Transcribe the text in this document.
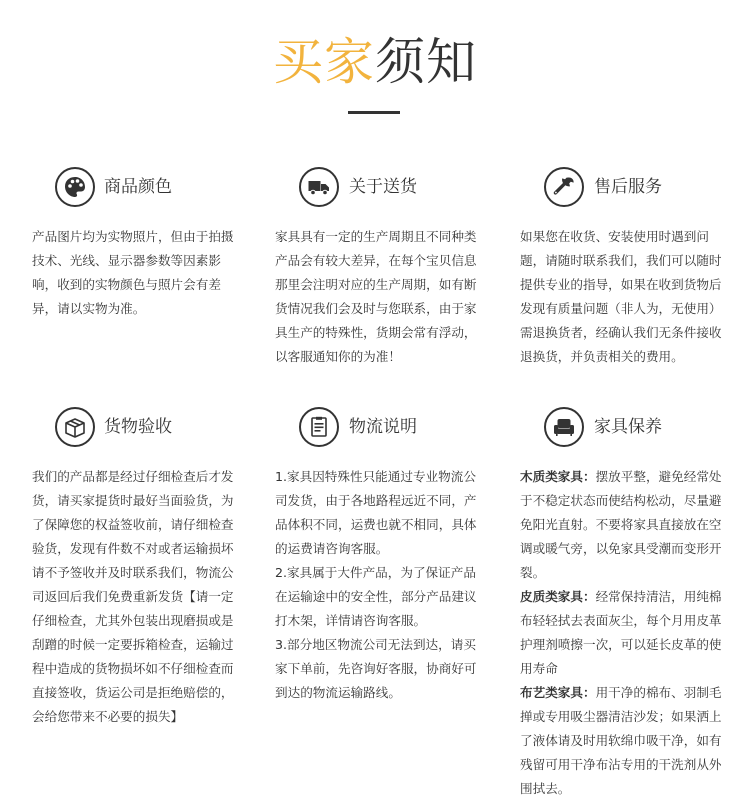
买家须知
商品颜色

产品图片均为实物照片，但由于拍摄技术、光线、显示器参数等因素影响，收到的实物颜色与照片会有差异，请以实物为准。

关于送货

家具具有一定的生产周期且不同种类产品会有较大差异，在每个宝贝信息那里会注明对应的生产周期，如有断货情况我们会及时与您联系，由于家具生产的特殊性，货期会常有浮动，以客服通知你的为准！

售后服务

如果您在收货、安装使用时遇到问题，请随时联系我们，我们可以随时提供专业的指导，如果在收到货物后发现有质量问题（非人为，无使用）需退换货者，经确认我们无条件接收退换货，并负责相关的费用。

货物验收

我们的产品都是经过仔细检查后才发货，请买家提货时最好当面验货，为了保障您的权益签收前，请仔细检查验货，发现有件数不对或者运输损坏请不予签收并及时联系我们，物流公司返回后我们免费重新发货【请一定仔细检查，尤其外包装出现磨损或是刮蹭的时候一定要拆箱检查，运输过程中造成的货物损坏如不仔细检查而直接签收，货运公司是拒绝赔偿的，会给您带来不必要的损失】

物流说明

1.家具因特殊性只能通过专业物流公司发货，由于各地路程远近不同，产品体积不同，运费也就不相同，具体的运费请咨询客服。

2.家具属于大件产品，为了保证产品在运输途中的安全性，部分产品建议打木架，详情请咨询客服。

3.部分地区物流公司无法到达，请买家下单前，先咨询好客服，协商好可到达的物流运输路线。

家具保养

木质类家具：摆放平整，避免经常处于不稳定状态而使结构松动，尽量避免阳光直射。不要将家具直接放在空调或暖气旁，以免家具受潮而变形开裂。

皮质类家具：经常保持清洁，用纯棉布轻轻拭去表面灰尘，每个月用皮革护理剂喷擦一次，可以延长皮革的使用寿命

布艺类家具：用干净的棉布、羽制毛掸或专用吸尘器清洁沙发；如果洒上了液体请及时用软绵巾吸干净，如有残留可用干净布沾专用的干洗剂从外围拭去。
